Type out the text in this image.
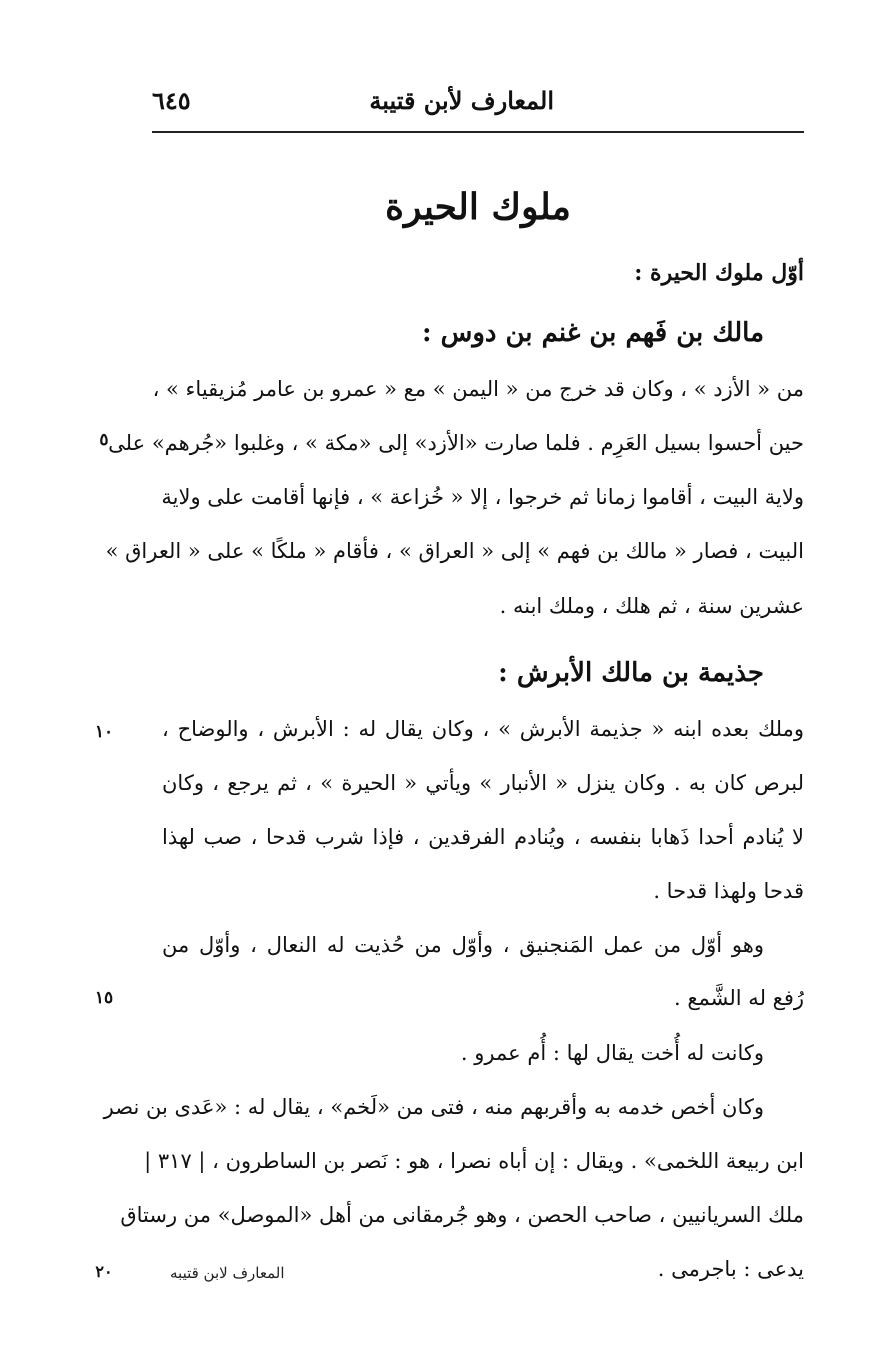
المعارف لأبن قتيبة
٦٤٥
ملوك الحيرة
أوّل ملوك الحيرة :
مالك بن فَهم بن غنم بن دوس :
من « الأزد » ، وكان قد خرج من « اليمن » مع « عمرو بن عامر مُزيقياء » ،
حين أحسوا بسيل العَرِم . فلما صارت «الأزد» إلى «مكة » ، وغلبوا «جُرهم» على
ولاية البيت ، أقاموا زمانا ثم خرجوا ، إلا « خُزاعة » ، فإنها أقامت على ولاية
البيت ، فصار « مالك بن فهم » إلى « العراق » ، فأقام « ملكًا » على « العراق »
عشرين سنة ، ثم هلك ، وملك ابنه .
جذيمة بن مالك الأبرش :
وملك بعده ابنه « جذيمة الأبرش » ، وكان يقال له : الأبرش ، والوضاح ،
لبرص كان به . وكان ينزل « الأنبار » ويأتي « الحيرة » ، ثم يرجع ، وكان
لا يُنادم أحدا ذَهابا بنفسه ، ويُنادم الفرقدين ، فإذا شرب قدحا ، صب لهذا
قدحا ولهذا قدحا .
وهو أوّل من عمل المَنجنيق ، وأوّل من حُذيت له النعال ، وأوّل من
رُفع له الشَّمع .
وكانت له أُخت يقال لها : أُم عمرو .
وكان أخص خدمه به وأقربهم منه ، فتى من «لَخم» ، يقال له : «عَدى بن نصر
ابن ربيعة اللخمى» . ويقال : إن أباه نصرا ، هو : نَصر بن الساطرون ، | ٣١٧ |
ملك السريانيين ، صاحب الحصن ، وهو جُرمقانى من أهل «الموصل» من رستاق
يدعى : باجرمى .
٥
١٠
١٥
٢٠	المعارف لابن قتيبه
